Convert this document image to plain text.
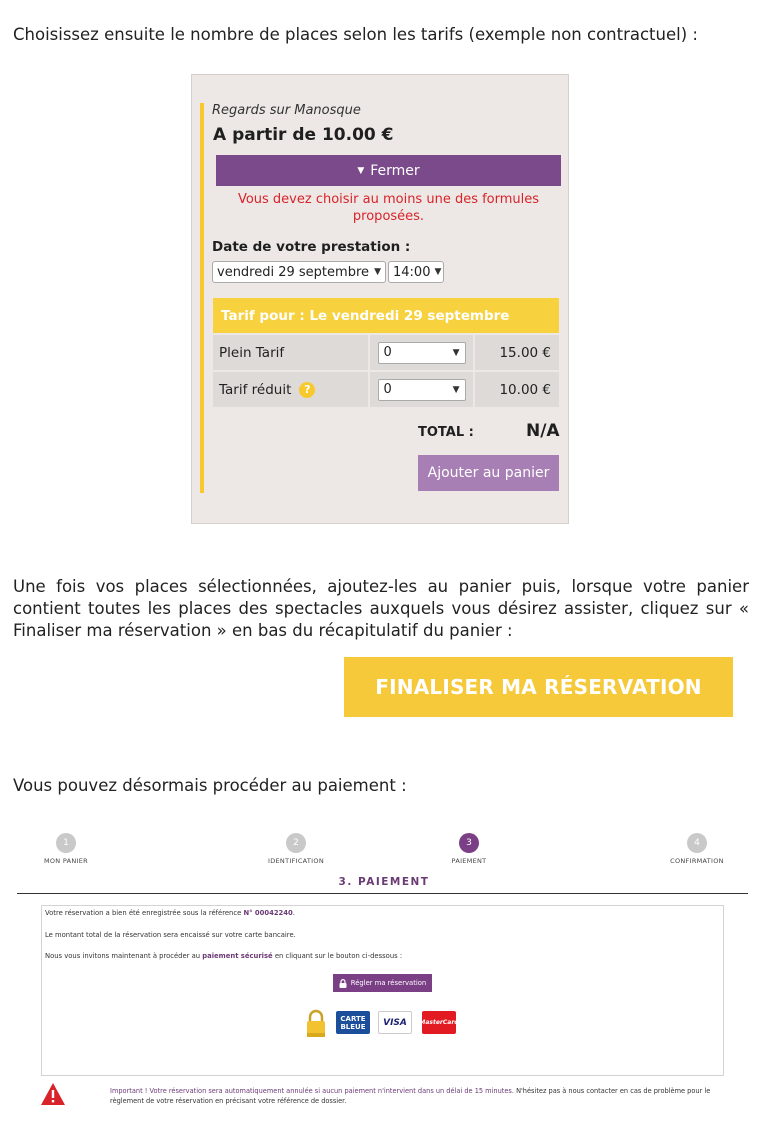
Choisissez ensuite le nombre de places selon les tarifs (exemple non contractuel) :
Regards sur Manosque
A partir de 10.00 €
▼ Fermer
Vous devez choisir au moins une des formules proposées.
Date de votre prestation :
vendredi 29 septembre ▼ 14:00 ▼
Tarif pour : Le vendredi 29 septembre
Plein Tarif	0	▼	15.00 €
Tarif réduit	?	0	▼	10.00 €
TOTAL :	N/A
Ajouter au panier
Une fois vos places sélectionnées, ajoutez-les au panier puis, lorsque votre panier contient toutes les places des spectacles auxquels vous désirez assister, cliquez sur « Finaliser ma réservation » en bas du récapitulatif du panier :
FINALISER MA RÉSERVATION
Vous pouvez désormais procéder au paiement :
1
MON PANIER
2
IDENTIFICATION
3
PAIEMENT
4
CONFIRMATION
3. PAIEMENT
Votre réservation a bien été enregistrée sous la référence N° 00042240.
Le montant total de la réservation sera encaissé sur votre carte bancaire.
Nous vous invitons maintenant à procéder au paiement sécurisé en cliquant sur le bouton ci-dessous :
Régler ma réservation
CARTE BLEUE	VISA	MasterCard
Important ! Votre réservation sera automatiquement annulée si aucun paiement n'intervient dans un délai de 15 minutes. N'hésitez pas à nous contacter en cas de problème pour le règlement de votre réservation en précisant votre référence de dossier.
